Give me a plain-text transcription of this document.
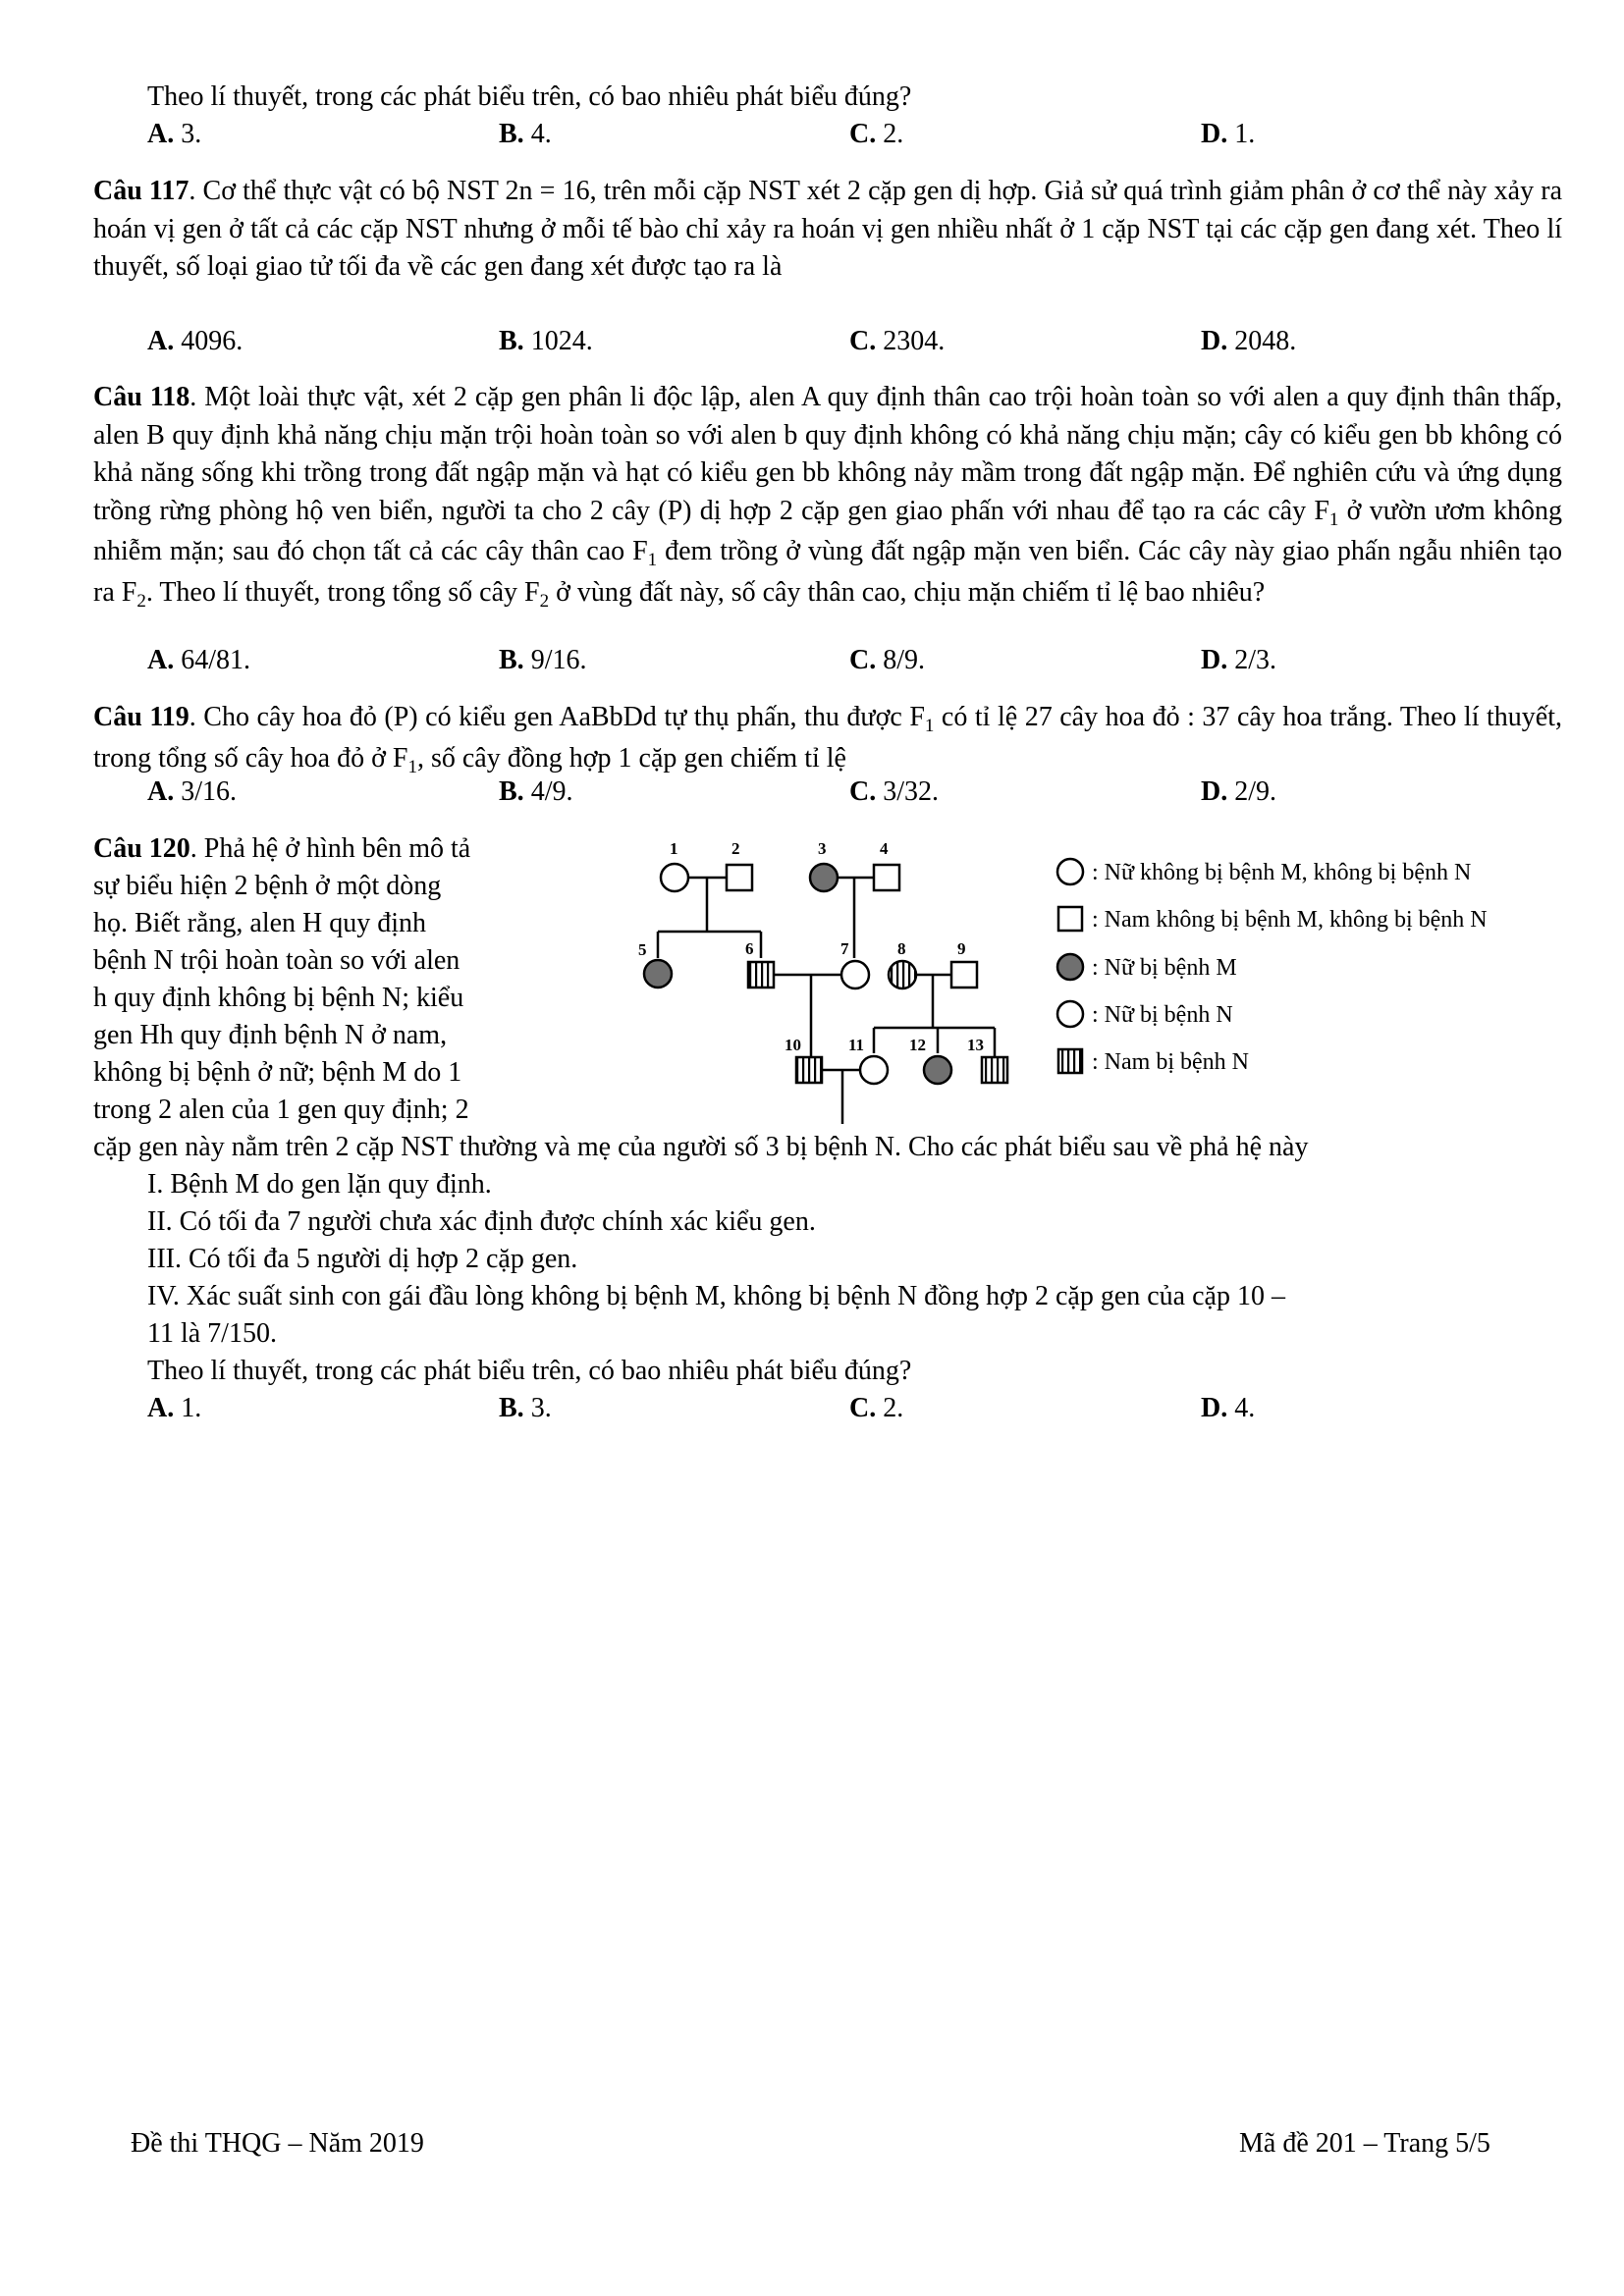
Theo lí thuyết, trong các phát biểu trên, có bao nhiêu phát biểu đúng?
A. 3.	B. 4.	C. 2.	D. 1.
Câu 117. Cơ thể thực vật có bộ NST 2n = 16, trên mỗi cặp NST xét 2 cặp gen dị hợp. Giả sử quá trình giảm phân ở cơ thể này xảy ra hoán vị gen ở tất cả các cặp NST nhưng ở mỗi tế bào chỉ xảy ra hoán vị gen nhiều nhất ở 1 cặp NST tại các cặp gen đang xét. Theo lí thuyết, số loại giao tử tối đa về các gen đang xét được tạo ra là
A. 4096.	B. 1024.	C. 2304.	D. 2048.
Câu 118. Một loài thực vật, xét 2 cặp gen phân li độc lập, alen A quy định thân cao trội hoàn toàn so với alen a quy định thân thấp, alen B quy định khả năng chịu mặn trội hoàn toàn so với alen b quy định không có khả năng chịu mặn; cây có kiểu gen bb không có khả năng sống khi trồng trong đất ngập mặn và hạt có kiểu gen bb không nảy mầm trong đất ngập mặn. Để nghiên cứu và ứng dụng trồng rừng phòng hộ ven biển, người ta cho 2 cây (P) dị hợp 2 cặp gen giao phấn với nhau để tạo ra các cây $F_1$ ở vườn ươm không nhiễm mặn; sau đó chọn tất cả các cây thân cao $F_1$ đem trồng ở vùng đất ngập mặn ven biển. Các cây này giao phấn ngẫu nhiên tạo ra $F_2$. Theo lí thuyết, trong tổng số cây $F_2$ ở vùng đất này, số cây thân cao, chịu mặn chiếm tỉ lệ bao nhiêu?
A. 64/81.	B. 9/16.	C. 8/9.	D. 2/3.
Câu 119. Cho cây hoa đỏ (P) có kiểu gen AaBbDd tự thụ phấn, thu được $F_1$ có tỉ lệ 27 cây hoa đỏ : 37 cây hoa trắng. Theo lí thuyết, trong tổng số cây hoa đỏ ở $F_1$, số cây đồng hợp 1 cặp gen chiếm tỉ lệ
A. 3/16.	B. 4/9.	C. 3/32.	D. 2/9.
Câu 120. Phả hệ ở hình bên mô tả
sự biểu hiện 2 bệnh ở một dòng
họ. Biết rằng, alen H quy định
bệnh N trội hoàn toàn so với alen
h quy định không bị bệnh N; kiểu
gen Hh quy định bệnh N ở nam,
không bị bệnh ở nữ; bệnh M do 1
trong 2 alen của 1 gen quy định; 2
cặp gen này nằm trên 2 cặp NST thường và mẹ của người số 3 bị bệnh N. Cho các phát biểu sau về phả hệ này
I. Bệnh M do gen lặn quy định.
II. Có tối đa 7 người chưa xác định được chính xác kiểu gen.
III. Có tối đa 5 người dị hợp 2 cặp gen.
IV. Xác suất sinh con gái đầu lòng không bị bệnh M, không bị bệnh N đồng hợp 2 cặp gen của cặp 10 –
11 là 7/150.
Theo lí thuyết, trong các phát biểu trên, có bao nhiêu phát biểu đúng?
A. 1.	B. 3.	C. 2.	D. 4.
1	2	3	4
5	6	7	8	9
10	11	12 13
: Nữ không bị bệnh M, không bị bệnh N
: Nam không bị bệnh M, không bị bệnh N
: Nữ bị bệnh M
: Nữ bị bệnh N
: Nam bị bệnh N
Đề thi THQG – Năm 2019	Mã đề 201 – Trang 5/5
